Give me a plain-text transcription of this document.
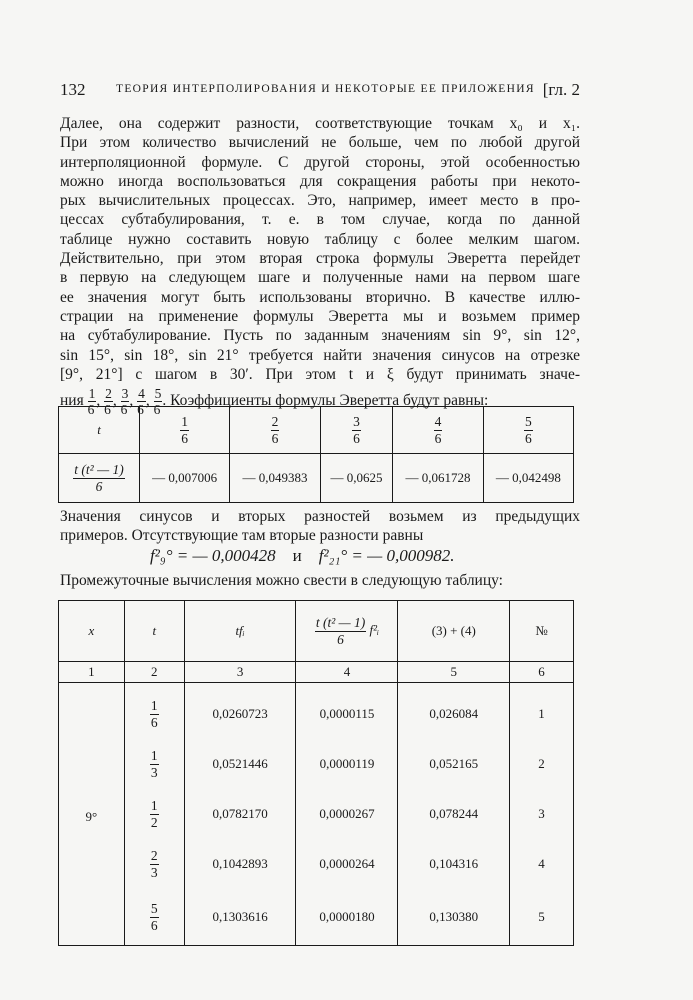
132	ТЕОРИЯ ИНТЕРПОЛИРОВАНИЯ И НЕКОТОРЫЕ ЕЕ ПРИЛОЖЕНИЯ [гл. 2
Далее, она содержит разности, соответствующие точкам x₀ и x₁.
При этом количество вычислений не больше, чем по любой другой
интерполяционной формуле. С другой стороны, этой особенностью
можно иногда воспользоваться для сокращения работы при некото-
рых вычислительных процессах. Это, например, имеет место в про-
цессах субтабулирования, т. е. в том случае, когда по данной
таблице нужно составить новую таблицу с более мелким шагом.
Действительно, при этом вторая строка формулы Эверетта перейдет
в первую на следующем шаге и полученные нами на первом шаге
ее значения могут быть использованы вторично. В качестве иллю-
страции на применение формулы Эверетта мы и возьмем пример
на субтабулирование. Пусть по заданным значениям sin 9°, sin 12°,
sin 15°, sin 18°, sin 21° требуется найти значения синусов на отрезке
[9°, 21°] с шагом в 30′. При этом t и ξ будут принимать значе-
ния $\frac{1}{6}$ , $\frac{2}{6}$ , $\frac{3}{6}$ , $\frac{4}{6}$ , $\frac{5}{6}$ . Коэффициенты формулы Эверетта будут равны:
t	$\frac{1}{6}$	$\frac{2}{6}$	$\frac{3}{6}$	$\frac{4}{6}$	$\frac{5}{6}$

$\frac{\text{t (t² — 1)}}{6}$	— 0,007006	— 0,049383	— 0,0625	— 0,061728	— 0,042498
Значения синусов и вторых разностей возьмем из предыдущих
примеров. Отсутствующие там вторые разности равны
f²₉° = — 0,000428 и f²₂₁° = — 0,000982.
Промежуточные вычисления можно свести в следующую таблицу:
x	t	tfᵢ	$\frac{\text{t (t² — 1)}}{6}$ f²ᵢ	(3) + (4)	№
1	2	3	4	5	6
9°	$\frac{1}{6}$	0,0260723	0,0000115	0,026084	1

	$\frac{1}{3}$	0,0521446	0,0000119	0,052165	2

	$\frac{1}{2}$	0,0782170	0,0000267	0,078244	3

	$\frac{2}{3}$	0,1042893	0,0000264	0,104316	4

	$\frac{5}{6}$	0,1303616	0,0000180	0,130380	5
